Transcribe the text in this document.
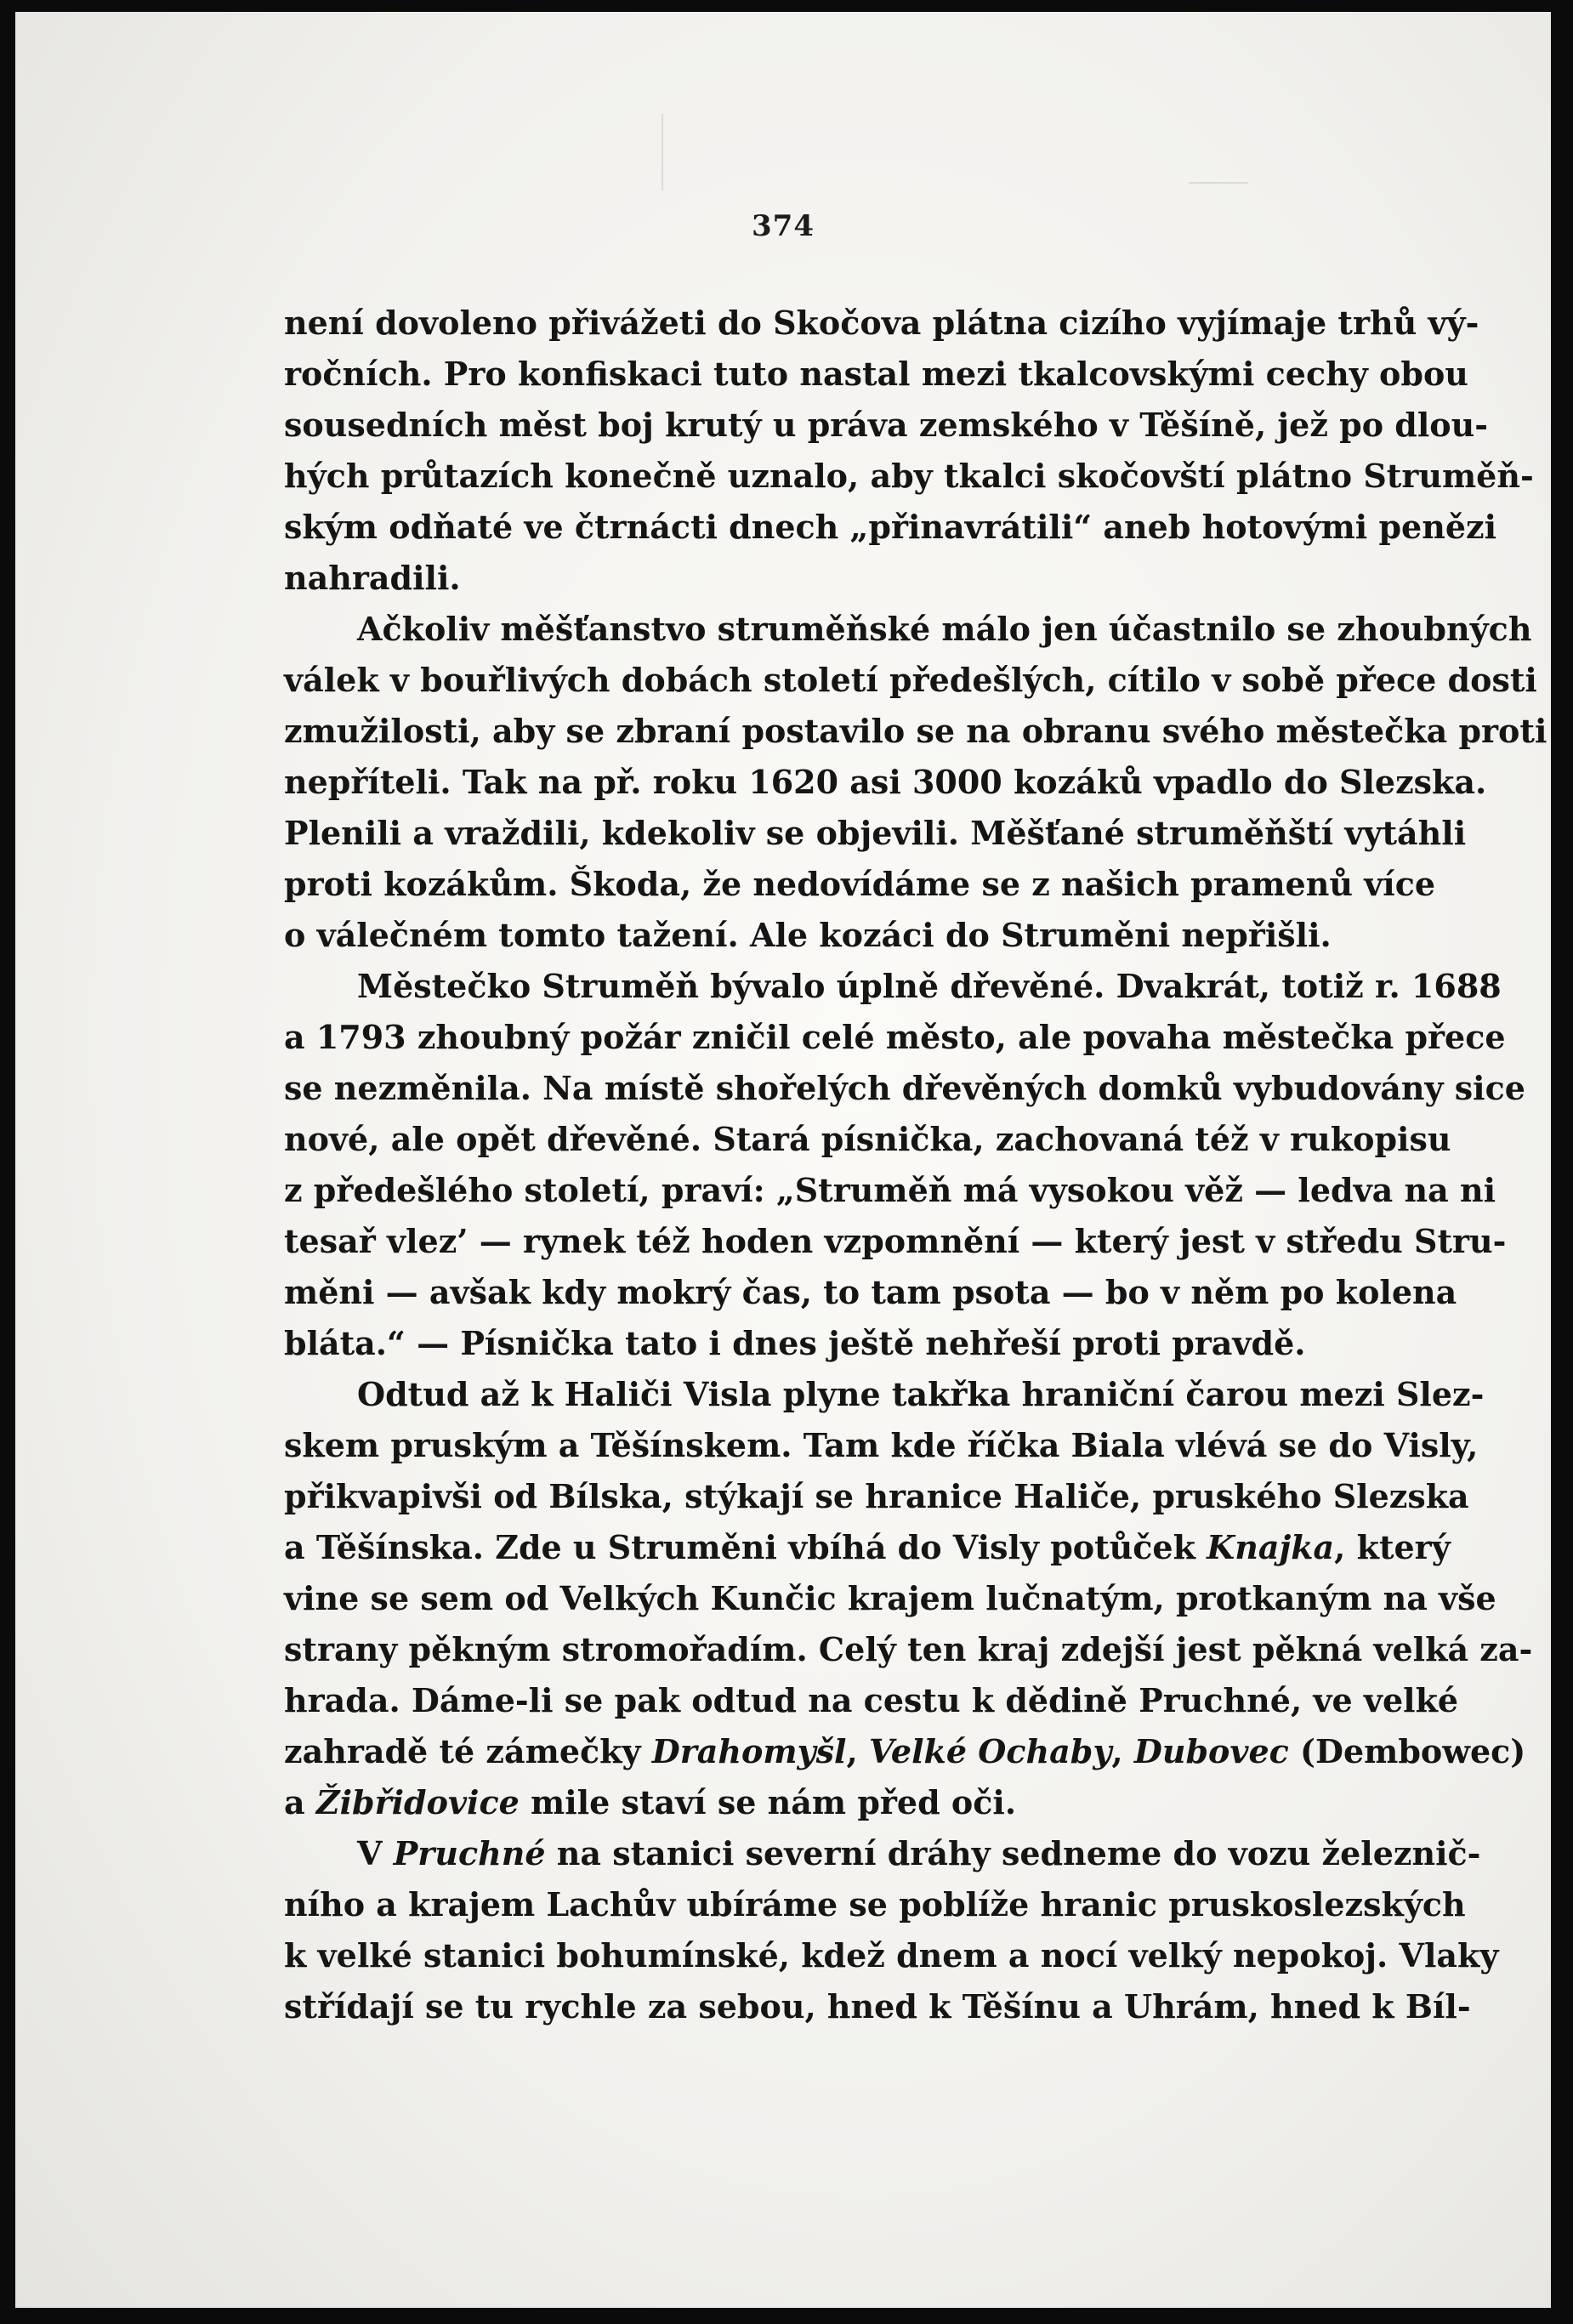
374
není dovoleno přivážeti do Skočova plátna cizího vyjímaje trhů vý-
ročních. Pro konfiskaci tuto nastal mezi tkalcovskými cechy obou
sousedních měst boj krutý u práva zemského v Těšíně, jež po dlou-
hých průtazích konečně uznalo, aby tkalci skočovští plátno Struměň-
ským odňaté ve čtrnácti dnech „přinavrátili“ aneb hotovými penězi
nahradili.
Ačkoliv měšťanstvo struměňské málo jen účastnilo se zhoubných
válek v bouřlivých dobách století předešlých, cítilo v sobě přece dosti
zmužilosti, aby se zbraní postavilo se na obranu svého městečka proti
nepříteli. Tak na př. roku 1620 asi 3000 kozáků vpadlo do Slezska.
Plenili a vraždili, kdekoliv se objevili. Měšťané struměňští vytáhli
proti kozákům. Škoda, že nedovídáme se z našich pramenů více
o válečném tomto tažení. Ale kozáci do Struměni nepřišli.
Městečko Struměň bývalo úplně dřevěné. Dvakrát, totiž r. 1688
a 1793 zhoubný požár zničil celé město, ale povaha městečka přece
se nezměnila. Na místě shořelých dřevěných domků vybudovány sice
nové, ale opět dřevěné. Stará písnička, zachovaná též v rukopisu
z předešlého století, praví: „Struměň má vysokou věž — ledva na ni
tesař vlez’ — rynek též hoden vzpomnění — který jest v středu Stru-
měni — avšak kdy mokrý čas, to tam psota — bo v něm po kolena
bláta.“ — Písnička tato i dnes ještě nehřeší proti pravdě.
Odtud až k Haliči Visla plyne takřka hraniční čarou mezi Slez-
skem pruským a Těšínskem. Tam kde říčka Biala vlévá se do Visly,
přikvapivši od Bílska, stýkají se hranice Haliče, pruského Slezska
a Těšínska. Zde u Struměni vbíhá do Visly potůček Knajka, který
vine se sem od Velkých Kunčic krajem lučnatým, protkaným na vše
strany pěkným stromořadím. Celý ten kraj zdejší jest pěkná velká za-
hrada. Dáme-li se pak odtud na cestu k dědině Pruchné, ve velké
zahradě té zámečky Drahomyšl, Velké Ochaby, Dubovec (Dembowec)
a Žibřidovice mile staví se nám před oči.
V Pruchné na stanici severní dráhy sedneme do vozu železnič-
ního a krajem Lachův ubíráme se poblíže hranic pruskoslezských
k velké stanici bohumínské, kdež dnem a nocí velký nepokoj. Vlaky
střídají se tu rychle za sebou, hned k Těšínu a Uhrám, hned k Bíl-
